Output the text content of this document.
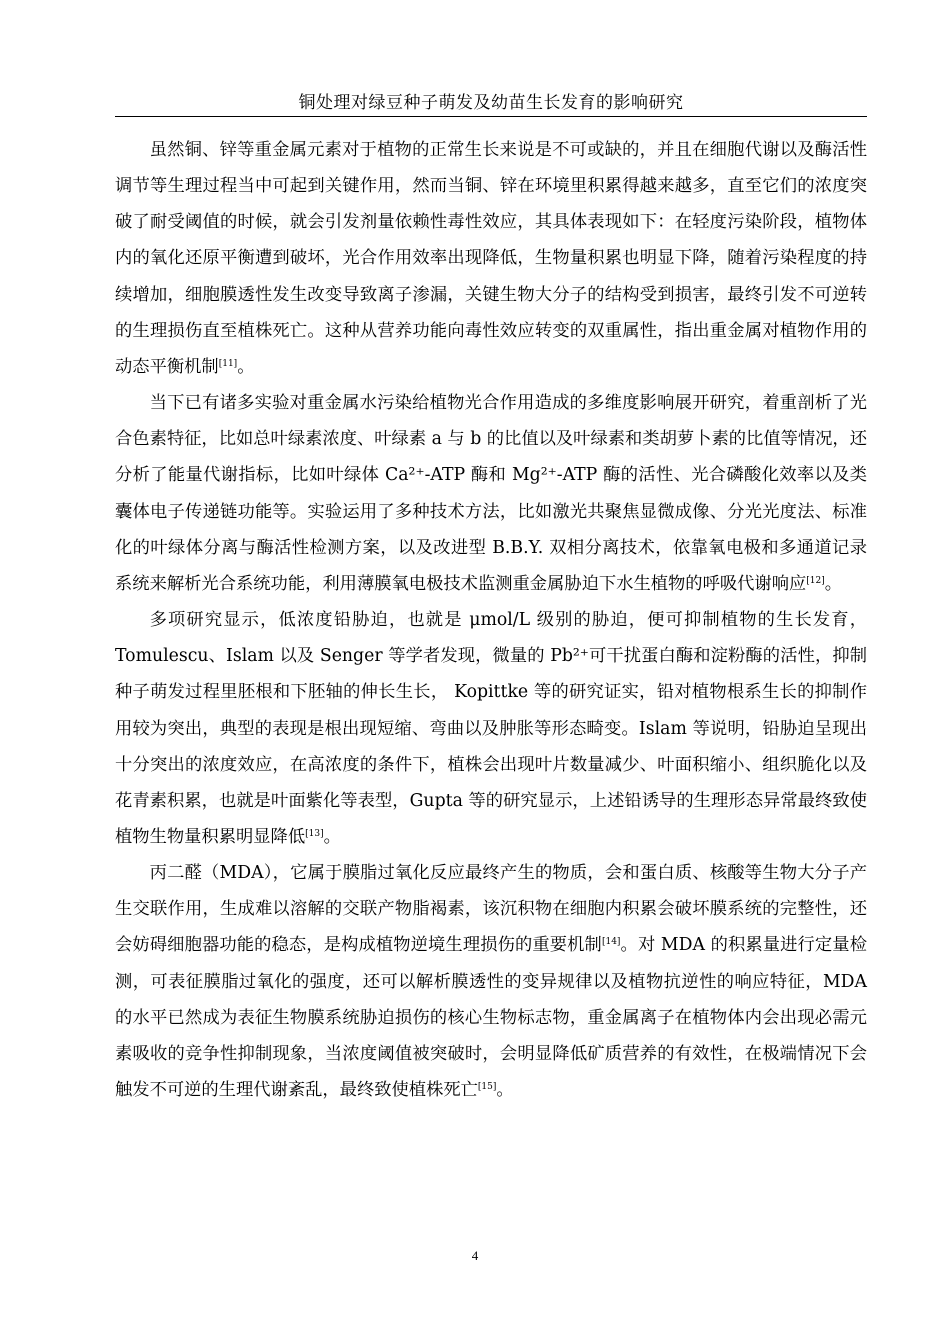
铜处理对绿豆种子萌发及幼苗生长发育的影响研究

虽然铜、锌等重金属元素对于植物的正常生长来说是不可或缺的，并且在细胞代谢以及酶活性调节等生理过程当中可起到关键作用，然而当铜、锌在环境里积累得越来越多，直至它们的浓度突破了耐受阈值的时候，就会引发剂量依赖性毒性效应，其具体表现如下：在轻度污染阶段，植物体内的氧化还原平衡遭到破坏，光合作用效率出现降低，生物量积累也明显下降，随着污染程度的持续增加，细胞膜透性发生改变导致离子渗漏，关键生物大分子的结构受到损害，最终引发不可逆转的生理损伤直至植株死亡。这种从营养功能向毒性效应转变的双重属性，指出重金属对植物作用的动态平衡机制[11]。

当下已有诸多实验对重金属水污染给植物光合作用造成的多维度影响展开研究，着重剖析了光合色素特征，比如总叶绿素浓度、叶绿素 a 与 b 的比值以及叶绿素和类胡萝卜素的比值等情况，还分析了能量代谢指标，比如叶绿体 Ca²⁺-ATP 酶和 Mg²⁺-ATP 酶的活性、光合磷酸化效率以及类囊体电子传递链功能等。实验运用了多种技术方法，比如激光共聚焦显微成像、分光光度法、标准化的叶绿体分离与酶活性检测方案，以及改进型 B.B.Y. 双相分离技术，依靠氧电极和多通道记录系统来解析光合系统功能，利用薄膜氧电极技术监测重金属胁迫下水生植物的呼吸代谢响应[12]。

多项研究显示，低浓度铅胁迫，也就是 μmol/L 级别的胁迫，便可抑制植物的生长发育，Tomulescu、Islam 以及 Senger 等学者发现，微量的 Pb²⁺可干扰蛋白酶和淀粉酶的活性，抑制种子萌发过程里胚根和下胚轴的伸长生长， Kopittke 等的研究证实，铅对植物根系生长的抑制作用较为突出，典型的表现是根出现短缩、弯曲以及肿胀等形态畸变。Islam 等说明，铅胁迫呈现出十分突出的浓度效应，在高浓度的条件下，植株会出现叶片数量减少、叶面积缩小、组织脆化以及花青素积累，也就是叶面紫化等表型，Gupta 等的研究显示，上述铅诱导的生理形态异常最终致使植物生物量积累明显降低[13]。

丙二醛（MDA），它属于膜脂过氧化反应最终产生的物质，会和蛋白质、核酸等生物大分子产生交联作用，生成难以溶解的交联产物脂褐素，该沉积物在细胞内积累会破坏膜系统的完整性，还会妨碍细胞器功能的稳态，是构成植物逆境生理损伤的重要机制[14]。对 MDA 的积累量进行定量检测，可表征膜脂过氧化的强度，还可以解析膜透性的变异规律以及植物抗逆性的响应特征，MDA 的水平已然成为表征生物膜系统胁迫损伤的核心生物标志物，重金属离子在植物体内会出现必需元素吸收的竞争性抑制现象，当浓度阈值被突破时，会明显降低矿质营养的有效性，在极端情况下会触发不可逆的生理代谢紊乱，最终致使植株死亡[15]。

4
